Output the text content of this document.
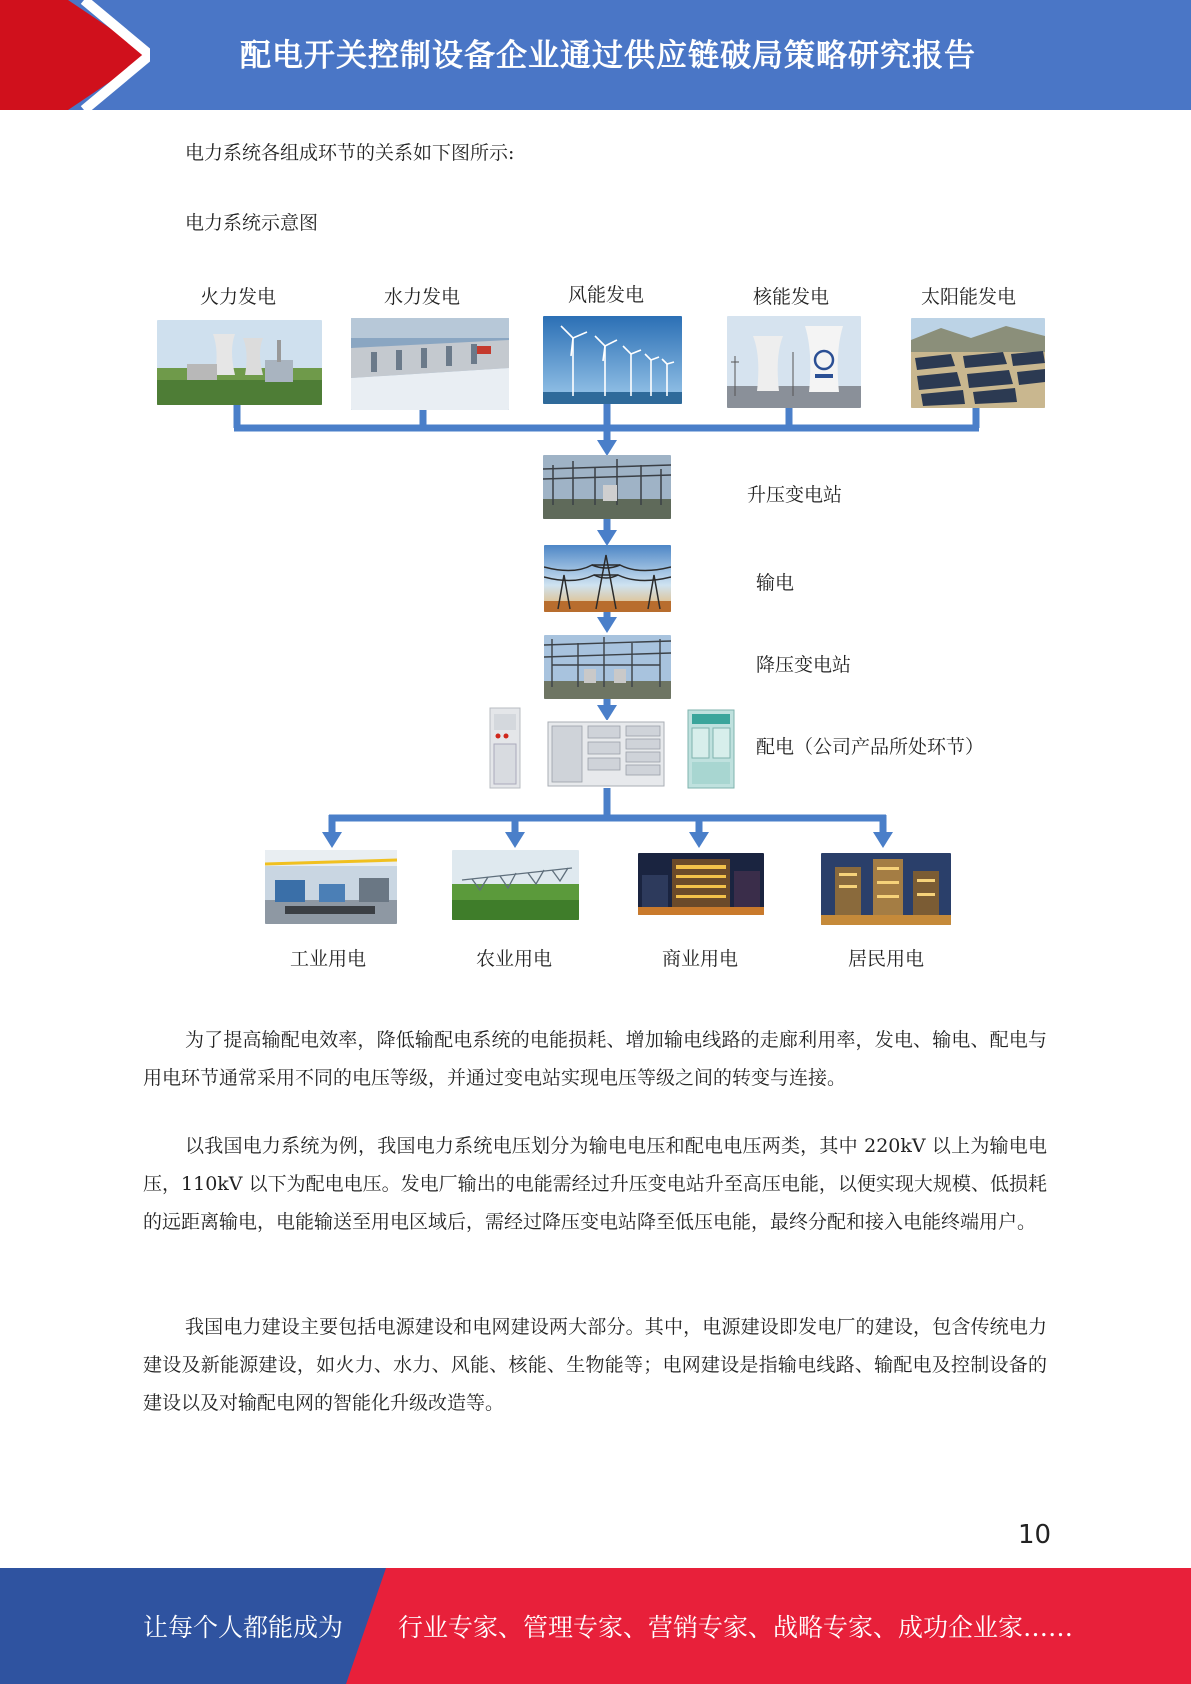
配电开关控制设备企业通过供应链破局策略研究报告
电力系统各组成环节的关系如下图所示:
电力系统示意图
火力发电	水力发电	风能发电	核能发电	太阳能发电
升压变电站
输电
降压变电站
配电（公司产品所处环节）
工业用电	农业用电	商业用电	居民用电

为了提高输配电效率，降低输配电系统的电能损耗、增加输电线路的走廊利用率，发电、输电、配电与用电环节通常采用不同的电压等级，并通过变电站实现电压等级之间的转变与连接。

以我国电力系统为例，我国电力系统电压划分为输电电压和配电电压两类，其中 220kV 以上为输电电压，110kV 以下为配电电压。发电厂输出的电能需经过升压变电站升至高压电能，以便实现大规模、低损耗的远距离输电，电能输送至用电区域后，需经过降压变电站降至低压电能，最终分配和接入电能终端用户。

我国电力建设主要包括电源建设和电网建设两大部分。其中，电源建设即发电厂的建设，包含传统电力建设及新能源建设，如火力、水力、风能、核能、生物能等；电网建设是指输电线路、输配电及控制设备的建设以及对输配电网的智能化升级改造等。

10
让每个人都能成为 行业专家、管理专家、营销专家、战略专家、成功企业家……
